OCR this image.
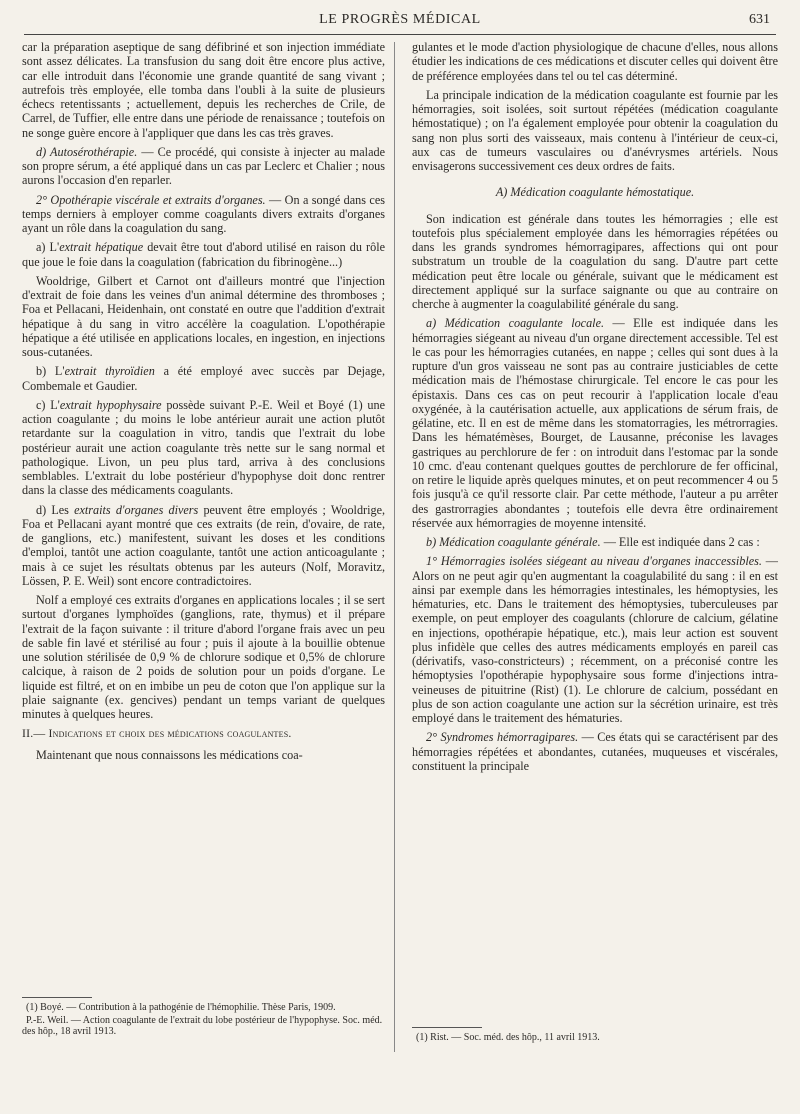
LE PROGRÈS MÉDICAL	631

car la préparation aseptique de sang défibriné et son injection immédiate sont assez délicates. La transfusion du sang doit être encore plus active, car elle introduit dans l'économie une grande quantité de sang vivant ; autrefois très employée, elle tomba dans l'oubli à la suite de plusieurs échecs retentissants ; actuellement, depuis les recherches de Crile, de Carrel, de Tuffier, elle entre dans une période de renaissance ; toutefois on ne songe guère encore à l'appliquer que dans les cas très graves.

d) Autosérothérapie. — Ce procédé, qui consiste à injecter au malade son propre sérum, a été appliqué dans un cas par Leclerc et Chalier ; nous aurons l'occasion d'en reparler.

2° Opothérapie viscérale et extraits d'organes. — On a songé dans ces temps derniers à employer comme coagulants divers extraits d'organes ayant un rôle dans la coagulation du sang.

a) L'extrait hépatique devait être tout d'abord utilisé en raison du rôle que joue le foie dans la coagulation (fabrication du fibrinogène...)

Wooldrige, Gilbert et Carnot ont d'ailleurs montré que l'injection d'extrait de foie dans les veines d'un animal détermine des thromboses ; Foa et Pellacani, Heidenhain, ont constaté en outre que l'addition d'extrait hépatique à du sang in vitro accélère la coagulation. L'opothérapie hépatique a été utilisée en applications locales, en ingestion, en injections sous-cutanées.

b) L'extrait thyroïdien a été employé avec succès par Dejage, Combemale et Gaudier.

c) L'extrait hypophysaire possède suivant P.-E. Weil et Boyé (1) une action coagulante ; du moins le lobe antérieur aurait une action plutôt retardante sur la coagulation in vitro, tandis que l'extrait du lobe postérieur aurait une action coagulante très nette sur le sang normal et pathologique. Livon, un peu plus tard, arriva à des conclusions semblables. L'extrait du lobe postérieur d'hypophyse doit donc rentrer dans la classe des médicaments coagulants.

d) Les extraits d'organes divers peuvent être employés ; Wooldrige, Foa et Pellacani ayant montré que ces extraits (de rein, d'ovaire, de rate, de ganglions, etc.) manifestent, suivant les doses et les conditions d'emploi, tantôt une action coagulante, tantôt une action anticoagulante ; mais à ce sujet les résultats obtenus par les auteurs (Nolf, Moravitz, Lössen, P. E. Weil) sont encore contradictoires.

Nolf a employé ces extraits d'organes en applications locales ; il se sert surtout d'organes lymphoïdes (ganglions, rate, thymus) et il prépare l'extrait de la façon suivante : il triture d'abord l'organe frais avec un peu de sable fin lavé et stérilisé au four ; puis il ajoute à la bouillie obtenue une solution stérilisée de 0,9 % de chlorure sodique et 0,5% de chlorure calcique, à raison de 2 poids de solution pour un poids d'organe. Le liquide est filtré, et on en imbibe un peu de coton que l'on applique sur la plaie saignante (ex. gencives) pendant un temps variant de quelques minutes à quelques heures.

II.— Indications et choix des médications coagulantes.

Maintenant que nous connaissons les médications coa-

(1) Boyé. — Contribution à la pathogénie de l'hémophilie. Thèse Paris, 1909.

P.-E. Weil. — Action coagulante de l'extrait du lobe postérieur de l'hypophyse. Soc. méd. des hôp., 18 avril 1913.

gulantes et le mode d'action physiologique de chacune d'elles, nous allons étudier les indications de ces médications et discuter celles qui doivent être de préférence employées dans tel ou tel cas déterminé.

La principale indication de la médication coagulante est fournie par les hémorragies, soit isolées, soit surtout répétées (médication coagulante hémostatique) ; on l'a également employée pour obtenir la coagulation du sang non plus sorti des vaisseaux, mais contenu à l'intérieur de ceux-ci, aux cas de tumeurs vasculaires ou d'anévrysmes artériels. Nous envisagerons successivement ces deux ordres de faits.

A) Médication coagulante hémostatique.

Son indication est générale dans toutes les hémorragies ; elle est toutefois plus spécialement employée dans les hémorragies répétées ou dans les grands syndromes hémorragipares, affections qui ont pour substratum un trouble de la coagulation du sang. D'autre part cette médication peut être locale ou générale, suivant que le médicament est directement appliqué sur la surface saignante ou que au contraire on cherche à augmenter la coagulabilité générale du sang.

a) Médication coagulante locale. — Elle est indiquée dans les hémorragies siégeant au niveau d'un organe directement accessible. Tel est le cas pour les hémorragies cutanées, en nappe ; celles qui sont dues à la rupture d'un gros vaisseau ne sont pas au contraire justiciables de cette médication mais de l'hémostase chirurgicale. Tel encore le cas pour les épistaxis. Dans ces cas on peut recourir à l'application locale d'eau oxygénée, à la cautérisation actuelle, aux applications de sérum frais, de gélatine, etc. Il en est de même dans les stomatorragies, les métrorragies. Dans les hématémèses, Bourget, de Lausanne, préconise les lavages gastriques au perchlorure de fer : on introduit dans l'estomac par la sonde 10 cmc. d'eau contenant quelques gouttes de perchlorure de fer officinal, on retire le liquide après quelques minutes, et on peut recommencer 4 ou 5 fois jusqu'à ce qu'il ressorte clair. Par cette méthode, l'auteur a pu arrêter des gastrorragies abondantes ; toutefois elle devra être ordinairement réservée aux hémorragies de moyenne intensité.

b) Médication coagulante générale. — Elle est indiquée dans 2 cas :

1° Hémorragies isolées siégeant au niveau d'organes inaccessibles. — Alors on ne peut agir qu'en augmentant la coagulabilité du sang : il en est ainsi par exemple dans les hémorragies intestinales, les hémoptysies, les hématuries, etc. Dans le traitement des hémoptysies, tuberculeuses par exemple, on peut employer des coagulants (chlorure de calcium, gélatine en injections, opothérapie hépatique, etc.), mais leur action est souvent plus infidèle que celles des autres médicaments employés en pareil cas (dérivatifs, vaso-constricteurs) ; récemment, on a préconisé contre les hémoptysies l'opothérapie hypophysaire sous forme d'injections intra-veineuses de pituitrine (Rist) (1). Le chlorure de calcium, possédant en plus de son action coagulante une action sur la sécrétion urinaire, est très employé dans le traitement des hématuries.

2° Syndromes hémorragipares. — Ces états qui se caractérisent par des hémorragies répétées et abondantes, cutanées, muqueuses et viscérales, constituent la principale

(1) Rist. — Soc. méd. des hôp., 11 avril 1913.
